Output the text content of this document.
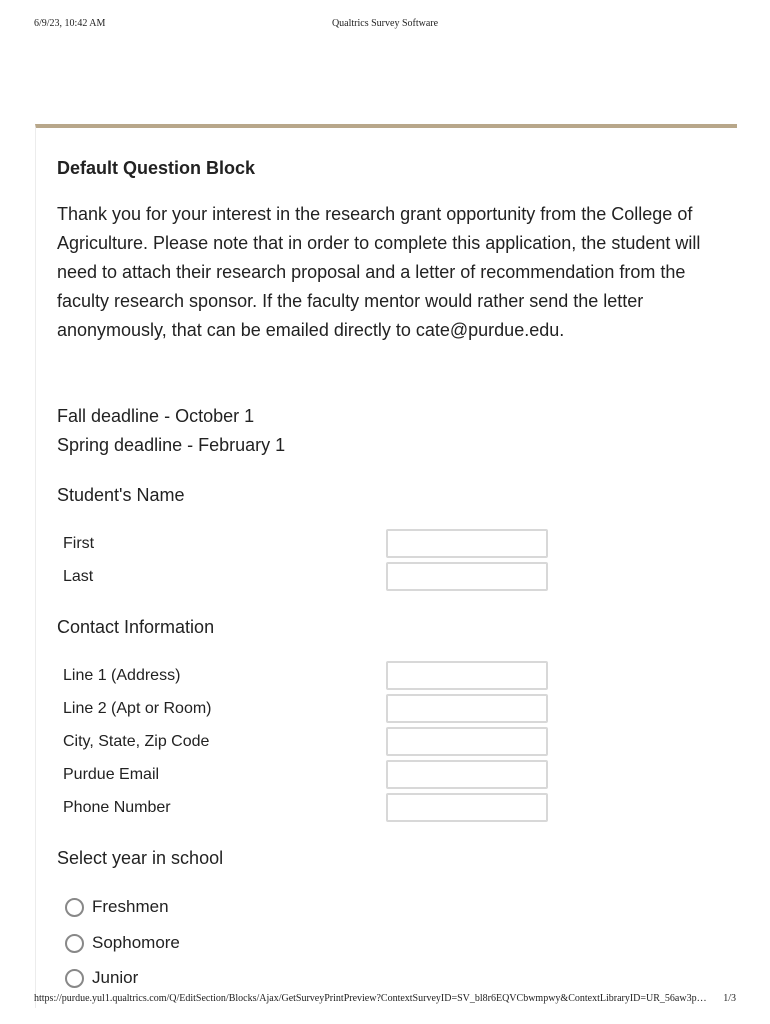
6/9/23, 10:42 AM	Qualtrics Survey Software
Default Question Block

Thank you for your interest in the research grant opportunity from the College of Agriculture. Please note that in order to complete this application, the student will need to attach their research proposal and a letter of recommendation from the faculty research sponsor. If the faculty mentor would rather send the letter anonymously, that can be emailed directly to cate@purdue.edu.

Fall deadline - October 1
Spring deadline - February 1
Student's Name
First
Last
Contact Information
Line 1 (Address)
Line 2 (Apt or Room)
City, State, Zip Code
Purdue Email
Phone Number
Select year in school
Freshmen
Sophomore
Junior
https://purdue.yul1.qualtrics.com/Q/EditSection/Blocks/Ajax/GetSurveyPrintPreview?ContextSurveyID=SV_bl8r6EQVCbwmpwy&ContextLibraryID=UR_56aw3p…	1/3
